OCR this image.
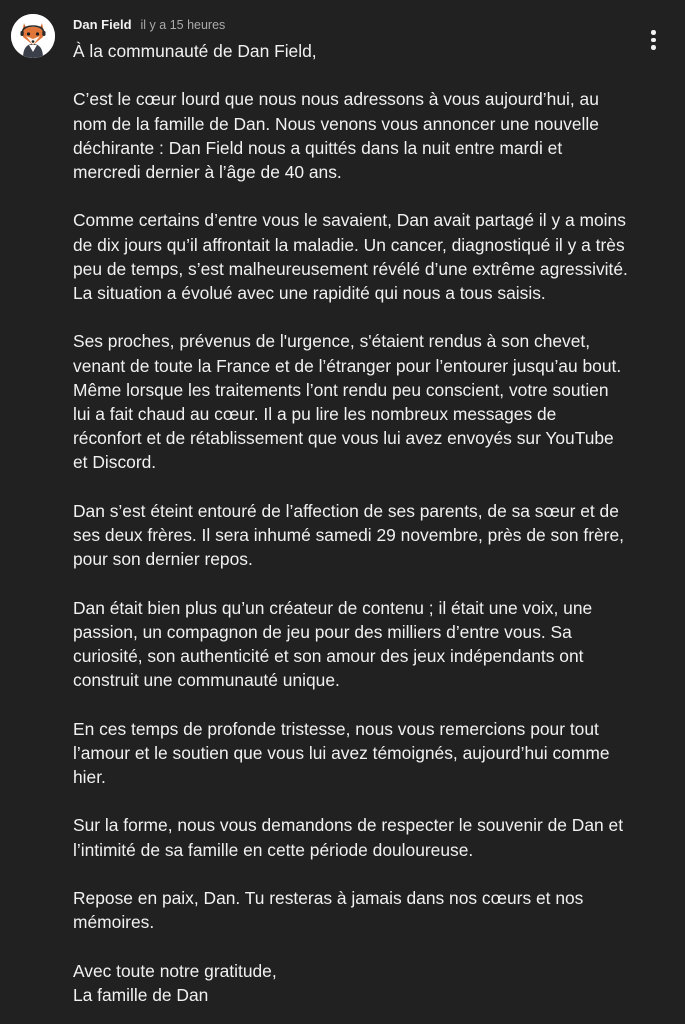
Dan Field il y a 15 heures

À la communauté de Dan Field,

C’est le cœur lourd que nous nous adressons à vous aujourd’hui, au
nom de la famille de Dan. Nous venons vous annoncer une nouvelle
déchirante : Dan Field nous a quittés dans la nuit entre mardi et
mercredi dernier à l’âge de 40 ans.

Comme certains d’entre vous le savaient, Dan avait partagé il y a moins
de dix jours qu’il affrontait la maladie. Un cancer, diagnostiqué il y a très
peu de temps, s’est malheureusement révélé d’une extrême agressivité.
La situation a évolué avec une rapidité qui nous a tous saisis.

Ses proches, prévenus de l'urgence, s'étaient rendus à son chevet,
venant de toute la France et de l’étranger pour l’entourer jusqu’au bout.
Même lorsque les traitements l’ont rendu peu conscient, votre soutien
lui a fait chaud au cœur. Il a pu lire les nombreux messages de
réconfort et de rétablissement que vous lui avez envoyés sur YouTube
et Discord.

Dan s’est éteint entouré de l’affection de ses parents, de sa sœur et de
ses deux frères. Il sera inhumé samedi 29 novembre, près de son frère,
pour son dernier repos.

Dan était bien plus qu’un créateur de contenu ; il était une voix, une
passion, un compagnon de jeu pour des milliers d’entre vous. Sa
curiosité, son authenticité et son amour des jeux indépendants ont
construit une communauté unique.

En ces temps de profonde tristesse, nous vous remercions pour tout
l’amour et le soutien que vous lui avez témoignés, aujourd’hui comme
hier.

Sur la forme, nous vous demandons de respecter le souvenir de Dan et
l’intimité de sa famille en cette période douloureuse.

Repose en paix, Dan. Tu resteras à jamais dans nos cœurs et nos
mémoires.

Avec toute notre gratitude,
La famille de Dan
